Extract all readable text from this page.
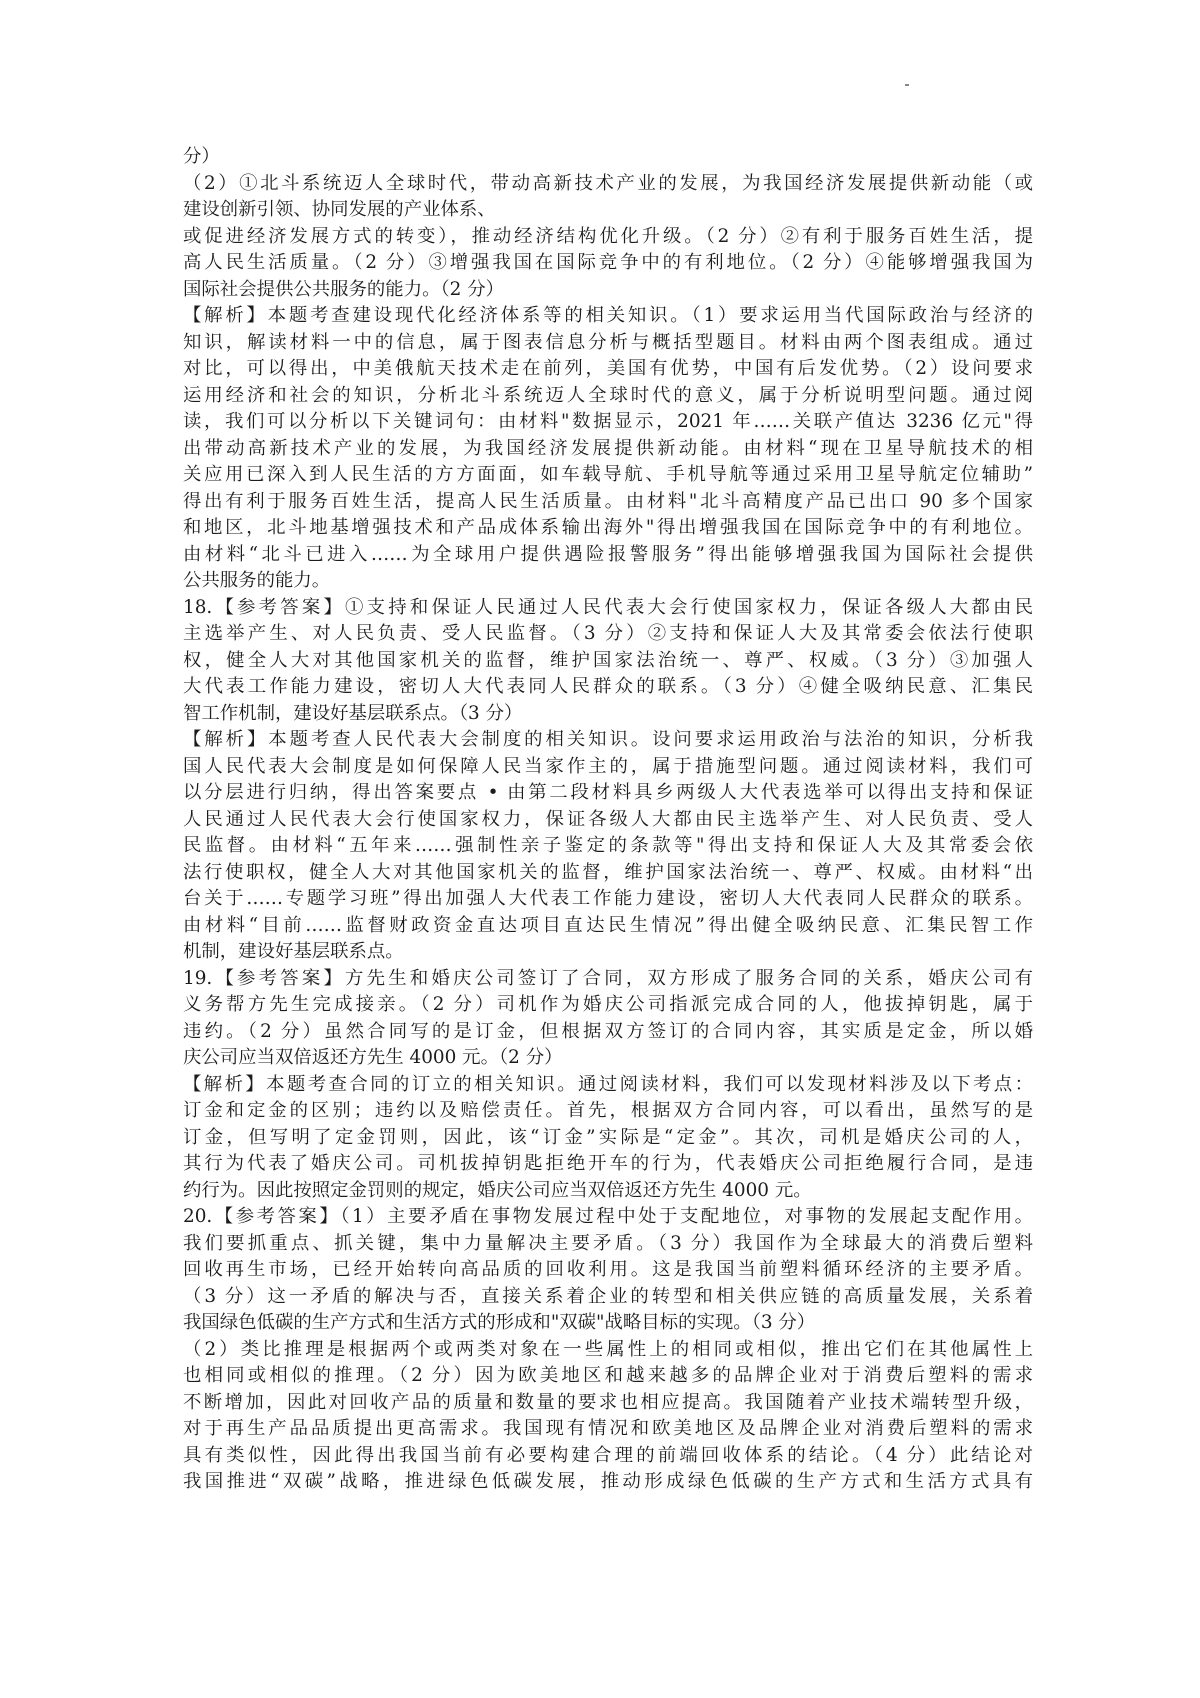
分）
（2）①北斗系统迈人全球时代，带动高新技术产业的发展，为我国经济发展提供新动能（或
建设创新引领、协同发展的产业体系、
或促进经济发展方式的转变），推动经济结构优化升级。（2 分）②有利于服务百姓生活，提
高人民生活质量。（2 分）③增强我国在国际竞争中的有利地位。（2 分）④能够增强我国为
国际社会提供公共服务的能力。（2 分）
【解析】本题考查建设现代化经济体系等的相关知识。（1）要求运用当代国际政治与经济的
知识，解读材料一中的信息，属于图表信息分析与概括型题目。材料由两个图表组成。通过
对比，可以得出，中美俄航天技术走在前列，美国有优势，中国有后发优势。（2）设问要求
运用经济和社会的知识，分析北斗系统迈人全球时代的意义，属于分析说明型问题。通过阅
读，我们可以分析以下关键词句：由材料"数据显示，2021 年……关联产值达 3236 亿元"得
出带动高新技术产业的发展，为我国经济发展提供新动能。由材料“现在卫星导航技术的相
关应用已深入到人民生活的方方面面，如车载导航、手机导航等通过采用卫星导航定位辅助”
得出有利于服务百姓生活，提高人民生活质量。由材料"北斗高精度产品已出口 90 多个国家
和地区，北斗地基增强技术和产品成体系输出海外"得出增强我国在国际竞争中的有利地位。
由材料“北斗已进入……为全球用户提供遇险报警服务”得出能够增强我国为国际社会提供
公共服务的能力。
18.【参考答案】①支持和保证人民通过人民代表大会行使国家权力，保证各级人大都由民
主选举产生、对人民负责、受人民监督。（3 分）②支持和保证人大及其常委会依法行使职
权，健全人大对其他国家机关的监督，维护国家法治统一、尊严、权威。（3 分）③加强人
大代表工作能力建设，密切人大代表同人民群众的联系。（3 分）④健全吸纳民意、汇集民
智工作机制，建设好基层联系点。（3 分）
【解析】本题考查人民代表大会制度的相关知识。设问要求运用政治与法治的知识，分析我
国人民代表大会制度是如何保障人民当家作主的，属于措施型问题。通过阅读材料，我们可
以分层进行归纳，得出答案要点 • 由第二段材料具乡两级人大代表选举可以得出支持和保证
人民通过人民代表大会行使国家权力，保证各级人大都由民主选举产生、对人民负责、受人
民监督。由材料“五年来……强制性亲子鉴定的条款等"得出支持和保证人大及其常委会依
法行使职权，健全人大对其他国家机关的监督，维护国家法治统一、尊严、权威。由材料“出
台关于……专题学习班”得出加强人大代表工作能力建设，密切人大代表同人民群众的联系。
由材料“目前……监督财政资金直达项目直达民生情况”得出健全吸纳民意、汇集民智工作
机制，建设好基层联系点。
19.【参考答案】方先生和婚庆公司签订了合同，双方形成了服务合同的关系，婚庆公司有
义务帮方先生完成接亲。（2 分）司机作为婚庆公司指派完成合同的人，他拔掉钥匙，属于
违约。（2 分）虽然合同写的是订金，但根据双方签订的合同内容，其实质是定金，所以婚
庆公司应当双倍返还方先生 4000 元。（2 分）
【解析】本题考查合同的订立的相关知识。通过阅读材料，我们可以发现材料涉及以下考点：
订金和定金的区别；违约以及赔偿责任。首先，根据双方合同内容，可以看出，虽然写的是
订金，但写明了定金罚则，因此，该“订金”实际是“定金”。其次，司机是婚庆公司的人，
其行为代表了婚庆公司。司机拔掉钥匙拒绝开车的行为，代表婚庆公司拒绝履行合同，是违
约行为。因此按照定金罚则的规定，婚庆公司应当双倍返还方先生 4000 元。
20.【参考答案】（1）主要矛盾在事物发展过程中处于支配地位，对事物的发展起支配作用。
我们要抓重点、抓关键，集中力量解决主要矛盾。（3 分）我国作为全球最大的消费后塑料
回收再生市场，已经开始转向高品质的回收利用。这是我国当前塑料循环经济的主要矛盾。
（3 分）这一矛盾的解决与否，直接关系着企业的转型和相关供应链的高质量发展，关系着
我国绿色低碳的生产方式和生活方式的形成和"双碳"战略目标的实现。（3 分）
（2）类比推理是根据两个或两类对象在一些属性上的相同或相似，推出它们在其他属性上
也相同或相似的推理。（2 分）因为欧美地区和越来越多的品牌企业对于消费后塑料的需求
不断增加，因此对回收产品的质量和数量的要求也相应提高。我国随着产业技术端转型升级，
对于再生产品品质提出更高需求。我国现有情况和欧美地区及品牌企业对消费后塑料的需求
具有类似性，因此得出我国当前有必要构建合理的前端回收体系的结论。（4 分）此结论对
我国推进“双碳”战略，推进绿色低碳发展，推动形成绿色低碳的生产方式和生活方式具有
